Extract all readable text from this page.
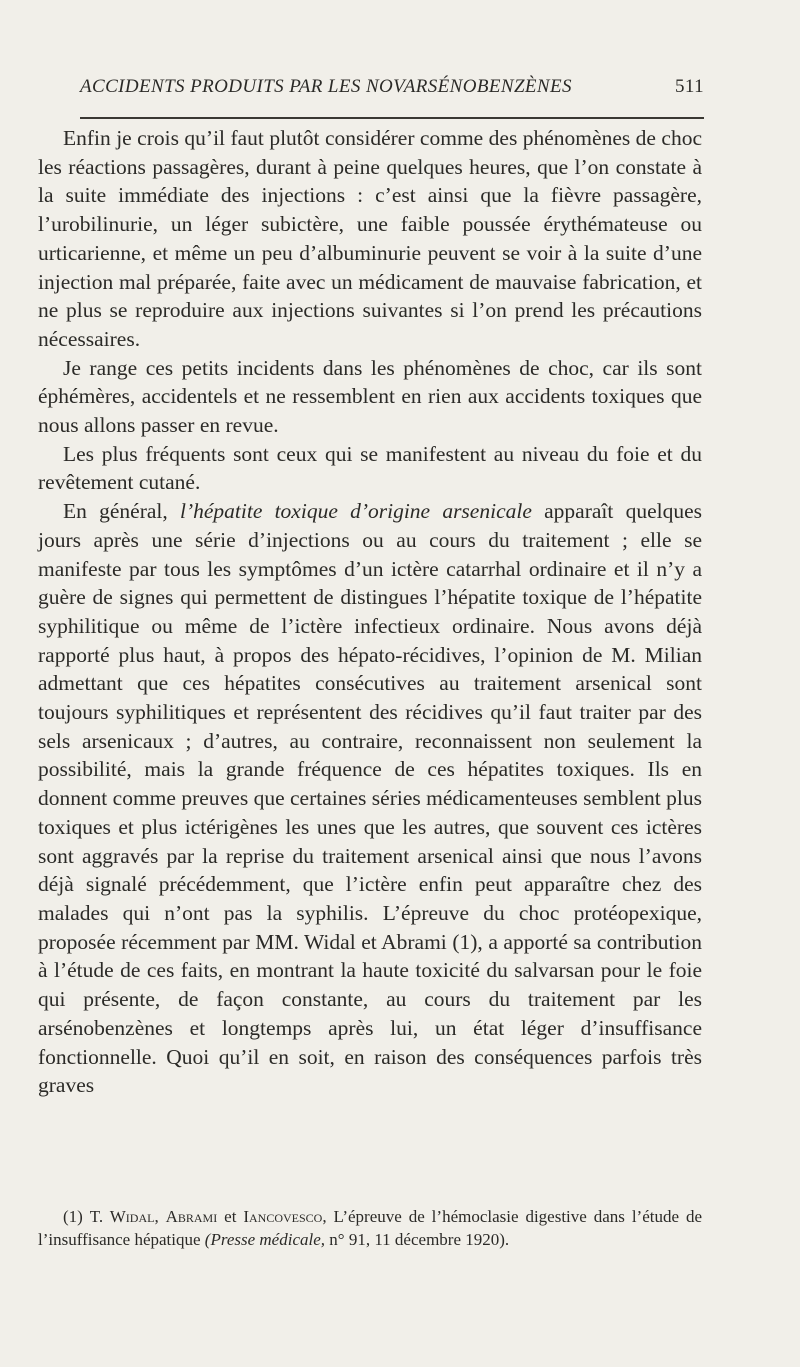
ACCIDENTS PRODUITS PAR LES NOVARSÉNOBENZÈNES	511

Enfin je crois qu’il faut plutôt considérer comme des phénomènes de choc les réactions passagères, durant à peine quelques heures, que l’on constate à la suite immédiate des injections : c’est ainsi que la fièvre passagère, l’urobilinurie, un léger subictère, une faible poussée érythémateuse ou urticarienne, et même un peu d’albuminurie peuvent se voir à la suite d’une injection mal préparée, faite avec un médicament de mauvaise fabrication, et ne plus se reproduire aux injections suivantes si l’on prend les précautions nécessaires.

Je range ces petits incidents dans les phénomènes de choc, car ils sont éphémères, accidentels et ne ressemblent en rien aux accidents toxiques que nous allons passer en revue.

Les plus fréquents sont ceux qui se manifestent au niveau du foie et du revêtement cutané.

En général, l’hépatite toxique d’origine arsenicale apparaît quelques jours après une série d’injections ou au cours du traitement ; elle se manifeste par tous les symptômes d’un ictère catarrhal ordinaire et il n’y a guère de signes qui permettent de distingues l’hépatite toxique de l’hépatite syphilitique ou même de l’ictère infectieux ordinaire. Nous avons déjà rapporté plus haut, à propos des hépato-récidives, l’opinion de M. Milian admettant que ces hépatites consécutives au traitement arsenical sont toujours syphilitiques et représentent des récidives qu’il faut traiter par des sels arsenicaux ; d’autres, au contraire, reconnaissent non seulement la possibilité, mais la grande fréquence de ces hépatites toxiques. Ils en donnent comme preuves que certaines séries médicamenteuses semblent plus toxiques et plus ictérigènes les unes que les autres, que souvent ces ictères sont aggravés par la reprise du traitement arsenical ainsi que nous l’avons déjà signalé précédemment, que l’ictère enfin peut apparaître chez des malades qui n’ont pas la syphilis. L’épreuve du choc protéopexique, proposée récemment par MM. Widal et Abrami (1), a apporté sa contribution à l’étude de ces faits, en montrant la haute toxicité du salvarsan pour le foie qui présente, de façon constante, au cours du traitement par les arsénobenzènes et longtemps après lui, un état léger d’insuffisance fonctionnelle. Quoi qu’il en soit, en raison des conséquences parfois très graves

(1) T. Widal, Abrami et Iancovesco, L’épreuve de l’hémoclasie digestive dans l’étude de l’insuffisance hépatique (Presse médicale, n° 91, 11 décembre 1920).
